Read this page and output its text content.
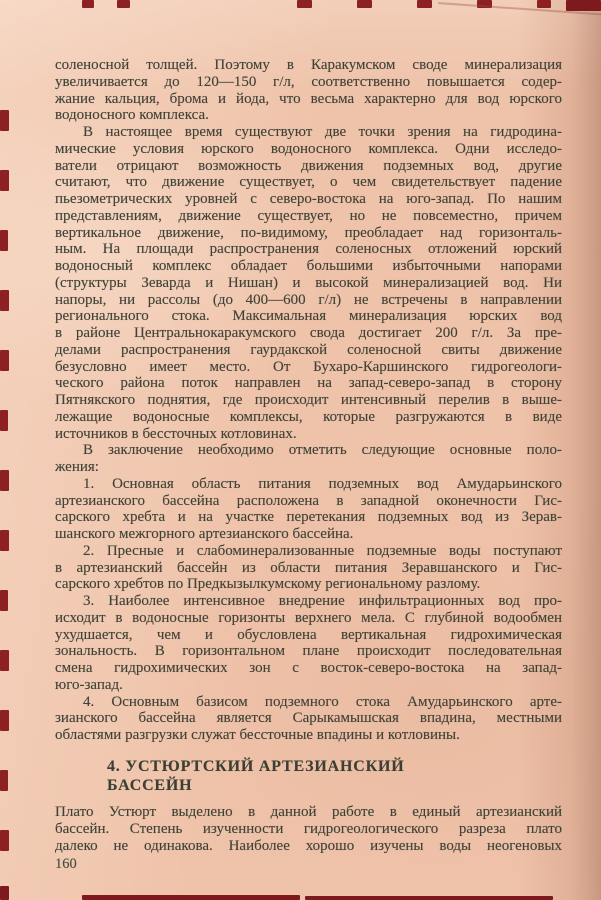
соленосной толщей. Поэтому в Каракумском своде минерализация
увеличивается до 120—150 г/л, соответственно повышается содер-
жание кальция, брома и йода, что весьма характерно для вод юрского
водоносного комплекса.
В настоящее время существуют две точки зрения на гидродина-
мические условия юрского водоносного комплекса. Одни исследо-
ватели отрицают возможность движения подземных вод, другие
считают, что движение существует, о чем свидетельствует падение
пьезометрических уровней с северо-востока на юго-запад. По нашим
представлениям, движение существует, но не повсеместно, причем
вертикальное движение, по-видимому, преобладает над горизонталь-
ным. На площади распространения соленосных отложений юрский
водоносный комплекс обладает большими избыточными напорами
(структуры Зеварда и Нишан) и высокой минерализацией вод. Ни
напоры, ни рассолы (до 400—600 г/л) не встречены в направлении
регионального стока. Максимальная минерализация юрских вод
в районе Центральнокаракумского свода достигает 200 г/л. За пре-
делами распространения гаурдакской соленосной свиты движение
безусловно имеет место. От Бухаро-Каршинского гидрогеологи-
ческого района поток направлен на запад-северо-запад в сторону
Пятнякского поднятия, где происходит интенсивный перелив в выше-
лежащие водоносные комплексы, которые разгружаются в виде
источников в бессточных котловинах.
В заключение необходимо отметить следующие основные поло-
жения:
1. Основная область питания подземных вод Амударьинского
артезианского бассейна расположена в западной оконечности Гис-
сарского хребта и на участке перетекания подземных вод из Зерав-
шанского межгорного артезианского бассейна.
2. Пресные и слабоминерализованные подземные воды поступают
в артезианский бассейн из области питания Зеравшанского и Гис-
сарского хребтов по Предкызылкумскому региональному разлому.
3. Наиболее интенсивное внедрение инфильтрационных вод про-
исходит в водоносные горизонты верхнего мела. С глубиной водообмен
ухудшается, чем и обусловлена вертикальная гидрохимическая
зональность. В горизонтальном плане происходит последовательная
смена гидрохимических зон с восток-северо-востока на запад-
юго-запад.
4. Основным базисом подземного стока Амударьинского арте-
зианского бассейна является Сарыкамышская впадина, местными
областями разгрузки служат бессточные впадины и котловины.
4. УСТЮРТСКИЙ АРТЕЗИАНСКИЙ
БАССЕЙН
Плато Устюрт выделено в данной работе в единый артезианский
бассейн. Степень изученности гидрогеологического разреза плато
далеко не одинакова. Наиболее хорошо изучены воды неогеновых
160
